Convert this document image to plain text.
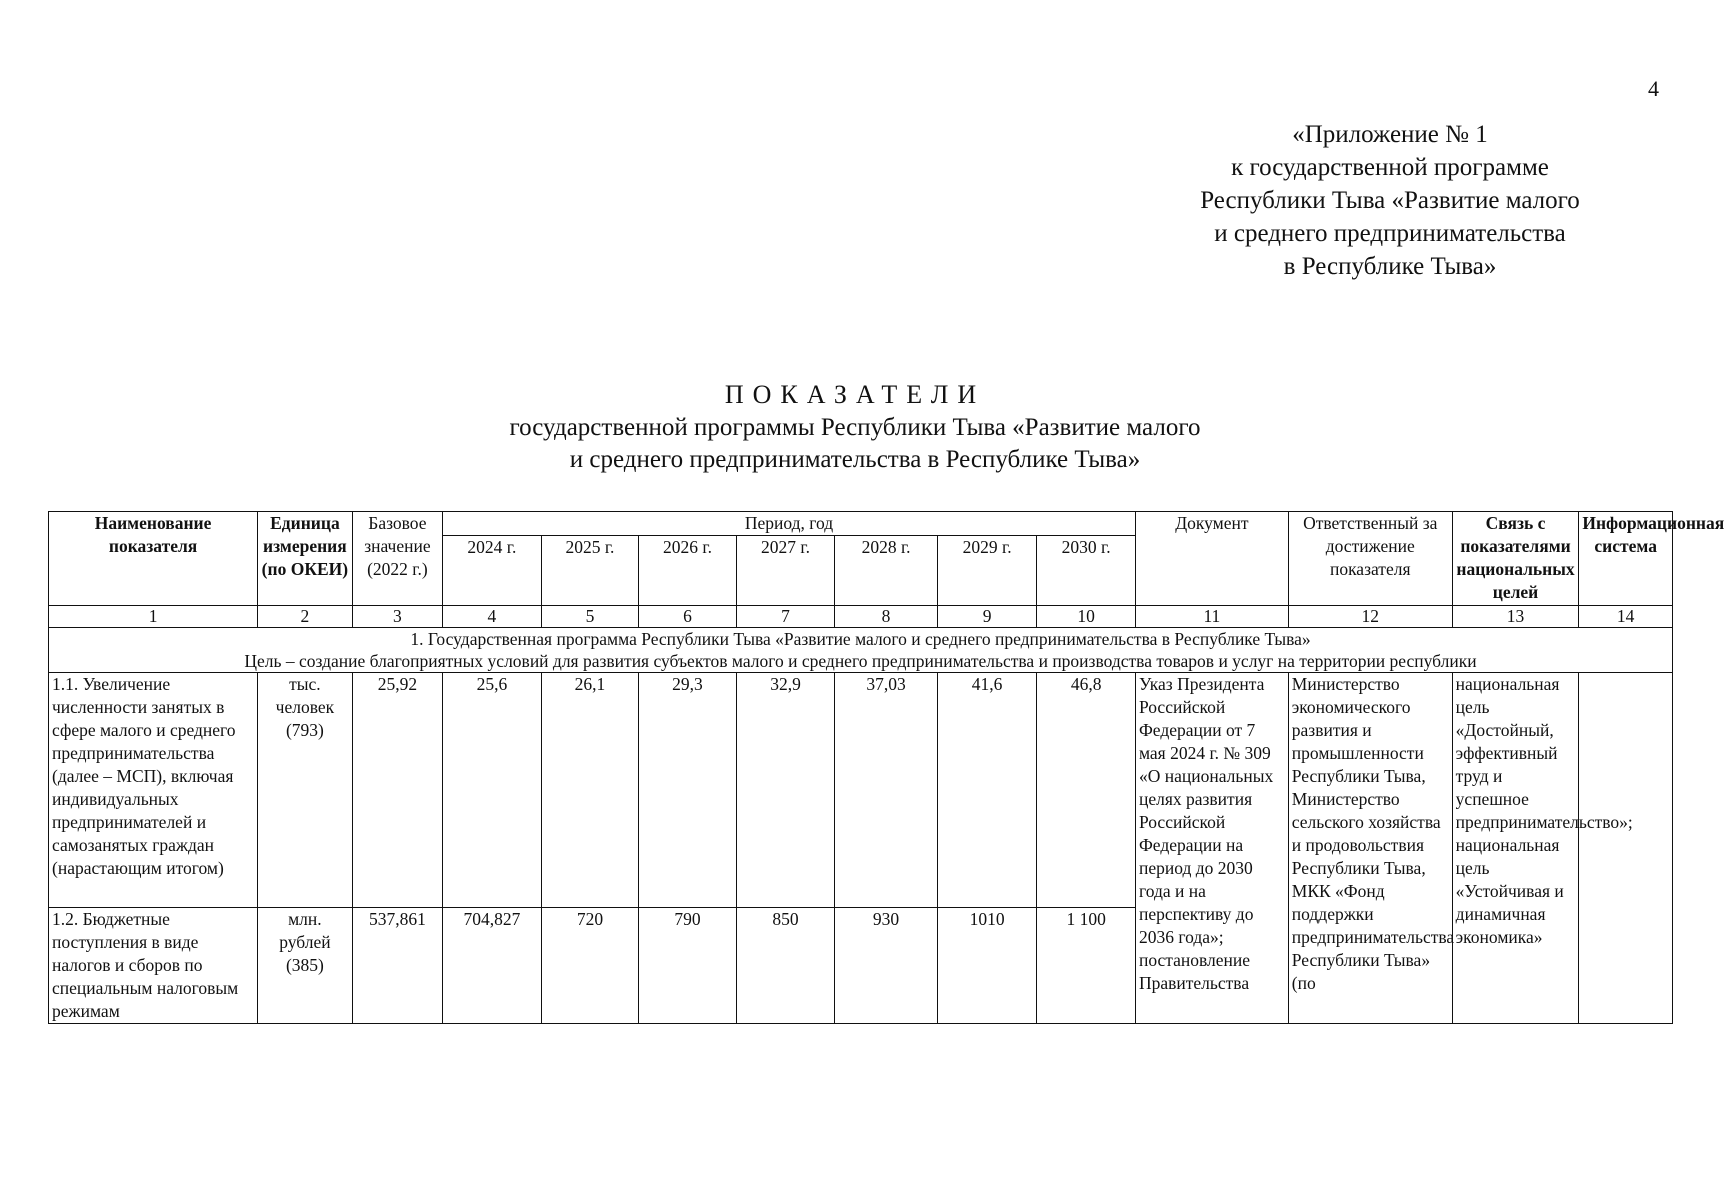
4
«Приложение № 1
к государственной программе
Республики Тыва «Развитие малого
и среднего предпринимательства
в Республике Тыва»
ПОКАЗАТЕЛИ
государственной программы Республики Тыва «Развитие малого
и среднего предпринимательства в Республике Тыва»
Наименование показателя	Единица измерения (по ОКЕИ)	Базовое значение (2022 г.)	Период, год							Документ	Ответственный за достижение показателя	Связь с показателями национальных целей	Информационная система
			2024 г.	2025 г.	2026 г.	2027 г.	2028 г.	2029 г.	2030 г.				
1	2	3	4	5	6	7	8	9	10	11	12	13	14

1. Государственная программа Республики Тыва «Развитие малого и среднего предпринимательства в Республике Тыва»
Цель – создание благоприятных условий для развития субъектов малого и среднего предпринимательства и производства товаров и услуг на территории республики													

1.1. Увеличение численности занятых в сфере малого и среднего предпринимательства (далее – МСП), включая индивидуальных предпринимателей и самозанятых граждан (нарастающим итогом)	тыс. человек (793)	25,92	25,6	26,1	29,3	32,9	37,03	41,6	46,8	Указ Президента Российской Федерации от 7 мая 2024 г. № 309 «О национальных целях развития Российской Федерации на период до 2030 года и на перспективу до 2036 года»; постановление Правительства	Министерство экономического развития и промышленности Республики Тыва, Министерство сельского хозяйства и продовольствия Республики Тыва, МКК «Фонд поддержки предпринимательства Республики Тыва» (по	национальная цель «Достойный, эффективный труд и успешное предпринимательство»; национальная цель «Устойчивая и динамичная экономика»	
1.2. Бюджетные поступления в виде налогов и сборов по специальным налоговым режимам	млн. рублей (385)	537,861	704,827	720	790	850	930	1010	1 100				
